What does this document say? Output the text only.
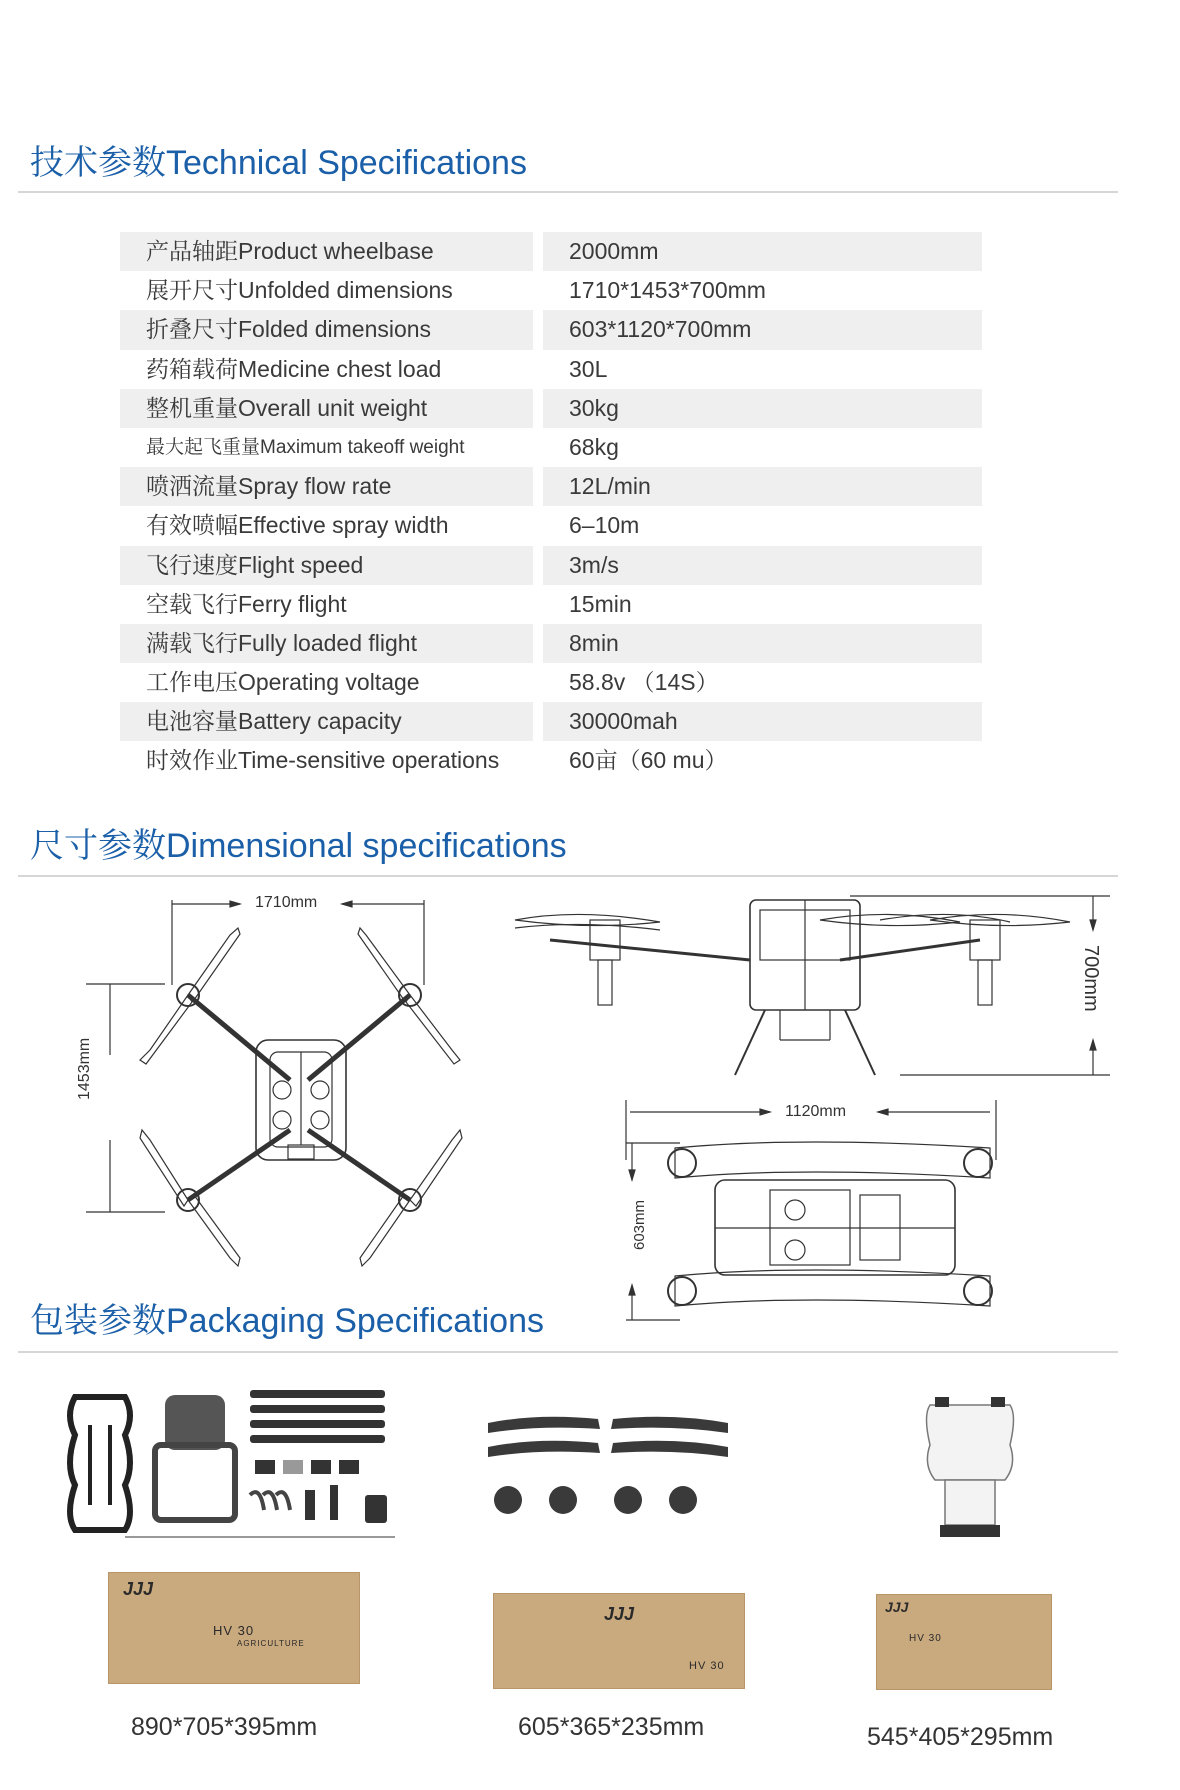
技术参数Technical Specifications
产品轴距Product wheelbase	2000mm
展开尺寸Unfolded dimensions	1710*1453*700mm
折叠尺寸Folded dimensions	603*1120*700mm
药箱载荷Medicine chest load	30L
整机重量Overall unit weight	30kg
最大起飞重量Maximum takeoff weight	68kg
喷洒流量Spray flow rate	12L/min
有效喷幅Effective spray width	6–10m
飞行速度Flight speed	3m/s
空载飞行Ferry flight	15min
满载飞行Fully loaded flight	8min
工作电压Operating voltage	58.8v （14S）
电池容量Battery capacity	30000mah
时效作业Time-sensitive operations	60亩（60 mu）
尺寸参数Dimensional specifications
1710mm
1453mm
700mm
1120mm
603mm
包装参数Packaging Specifications
JJJ
HV 30
AGRICULTURE
JJJ
HV 30
JJJ
HV 30
890*705*395mm	605*365*235mm	545*405*295mm
